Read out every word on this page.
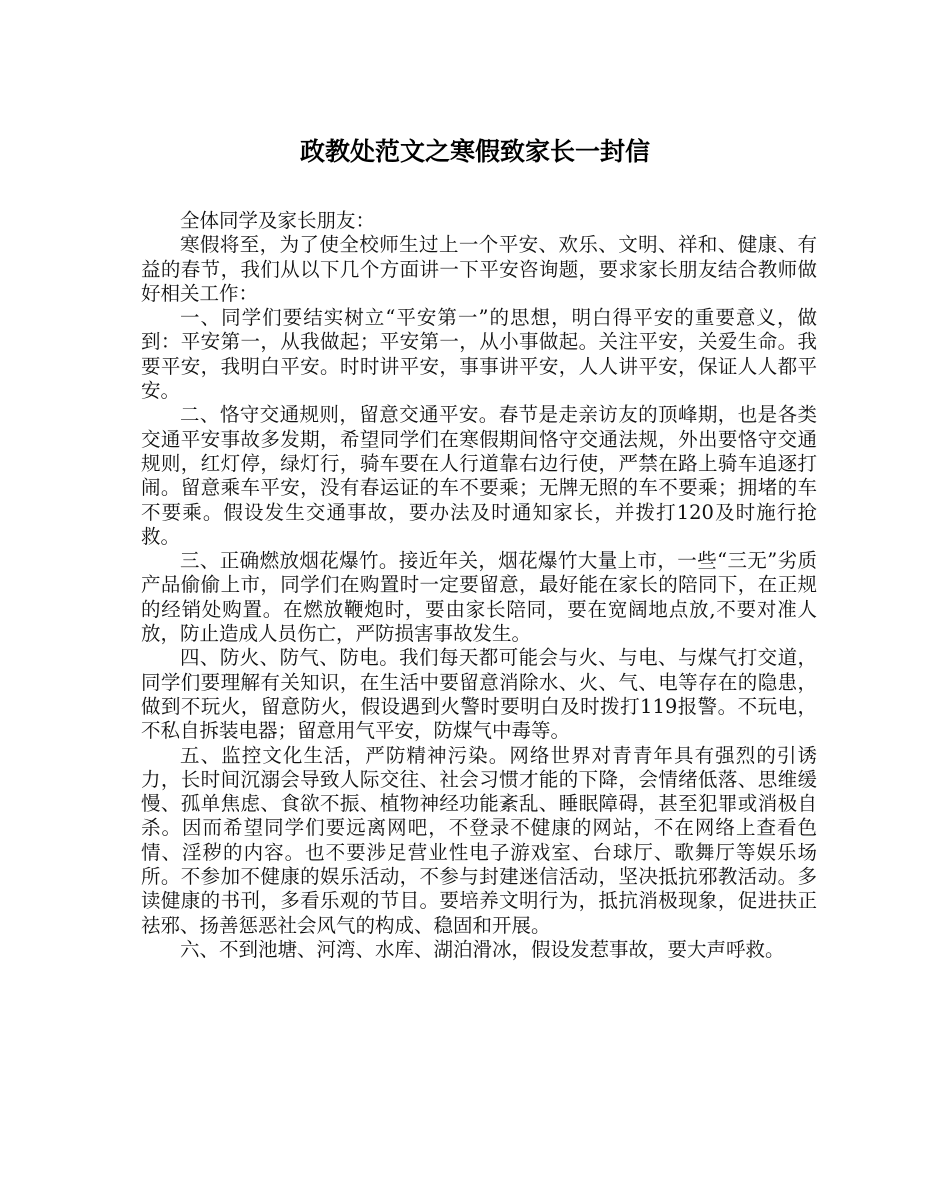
政教处范文之寒假致家长一封信

全体同学及家长朋友：

寒假将至，为了使全校师生过上一个平安、欢乐、文明、祥和、健康、有益的春节，我们从以下几个方面讲一下平安咨询题，要求家长朋友结合教师做好相关工作：

一、同学们要结实树立“平安第一”的思想，明白得平安的重要意义，做到：平安第一，从我做起；平安第一，从小事做起。关注平安，关爱生命。我要平安，我明白平安。时时讲平安，事事讲平安，人人讲平安，保证人人都平安。

二、恪守交通规则，留意交通平安。春节是走亲访友的顶峰期，也是各类交通平安事故多发期，希望同学们在寒假期间恪守交通法规，外出要恪守交通规则，红灯停，绿灯行，骑车要在人行道靠右边行使，严禁在路上骑车追逐打闹。留意乘车平安，没有春运证的车不要乘；无牌无照的车不要乘；拥堵的车不要乘。假设发生交通事故，要办法及时通知家长，并拨打120及时施行抢救。

三、正确燃放烟花爆竹。接近年关，烟花爆竹大量上市，一些“三无”劣质产品偷偷上市，同学们在购置时一定要留意，最好能在家长的陪同下，在正规的经销处购置。在燃放鞭炮时，要由家长陪同，要在宽阔地点放,不要对准人放，防止造成人员伤亡，严防损害事故发生。

四、防火、防气、防电。我们每天都可能会与火、与电、与煤气打交道，同学们要理解有关知识，在生活中要留意消除水、火、气、电等存在的隐患，做到不玩火，留意防火，假设遇到火警时要明白及时拨打119报警。不玩电，不私自拆装电器；留意用气平安，防煤气中毒等。

五、监控文化生活，严防精神污染。网络世界对青青年具有强烈的引诱力，长时间沉溺会导致人际交往、社会习惯才能的下降，会情绪低落、思维缓慢、孤单焦虑、食欲不振、植物神经功能紊乱、睡眠障碍，甚至犯罪或消极自杀。因而希望同学们要远离网吧，不登录不健康的网站，不在网络上查看色情、淫秽的内容。也不要涉足营业性电子游戏室、台球厅、歌舞厅等娱乐场所。不参加不健康的娱乐活动，不参与封建迷信活动，坚决抵抗邪教活动。多读健康的书刊，多看乐观的节目。要培养文明行为，抵抗消极现象，促进扶正祛邪、扬善惩恶社会风气的构成、稳固和开展。

六、不到池塘、河湾、水库、湖泊滑冰，假设发惹事故，要大声呼救。
